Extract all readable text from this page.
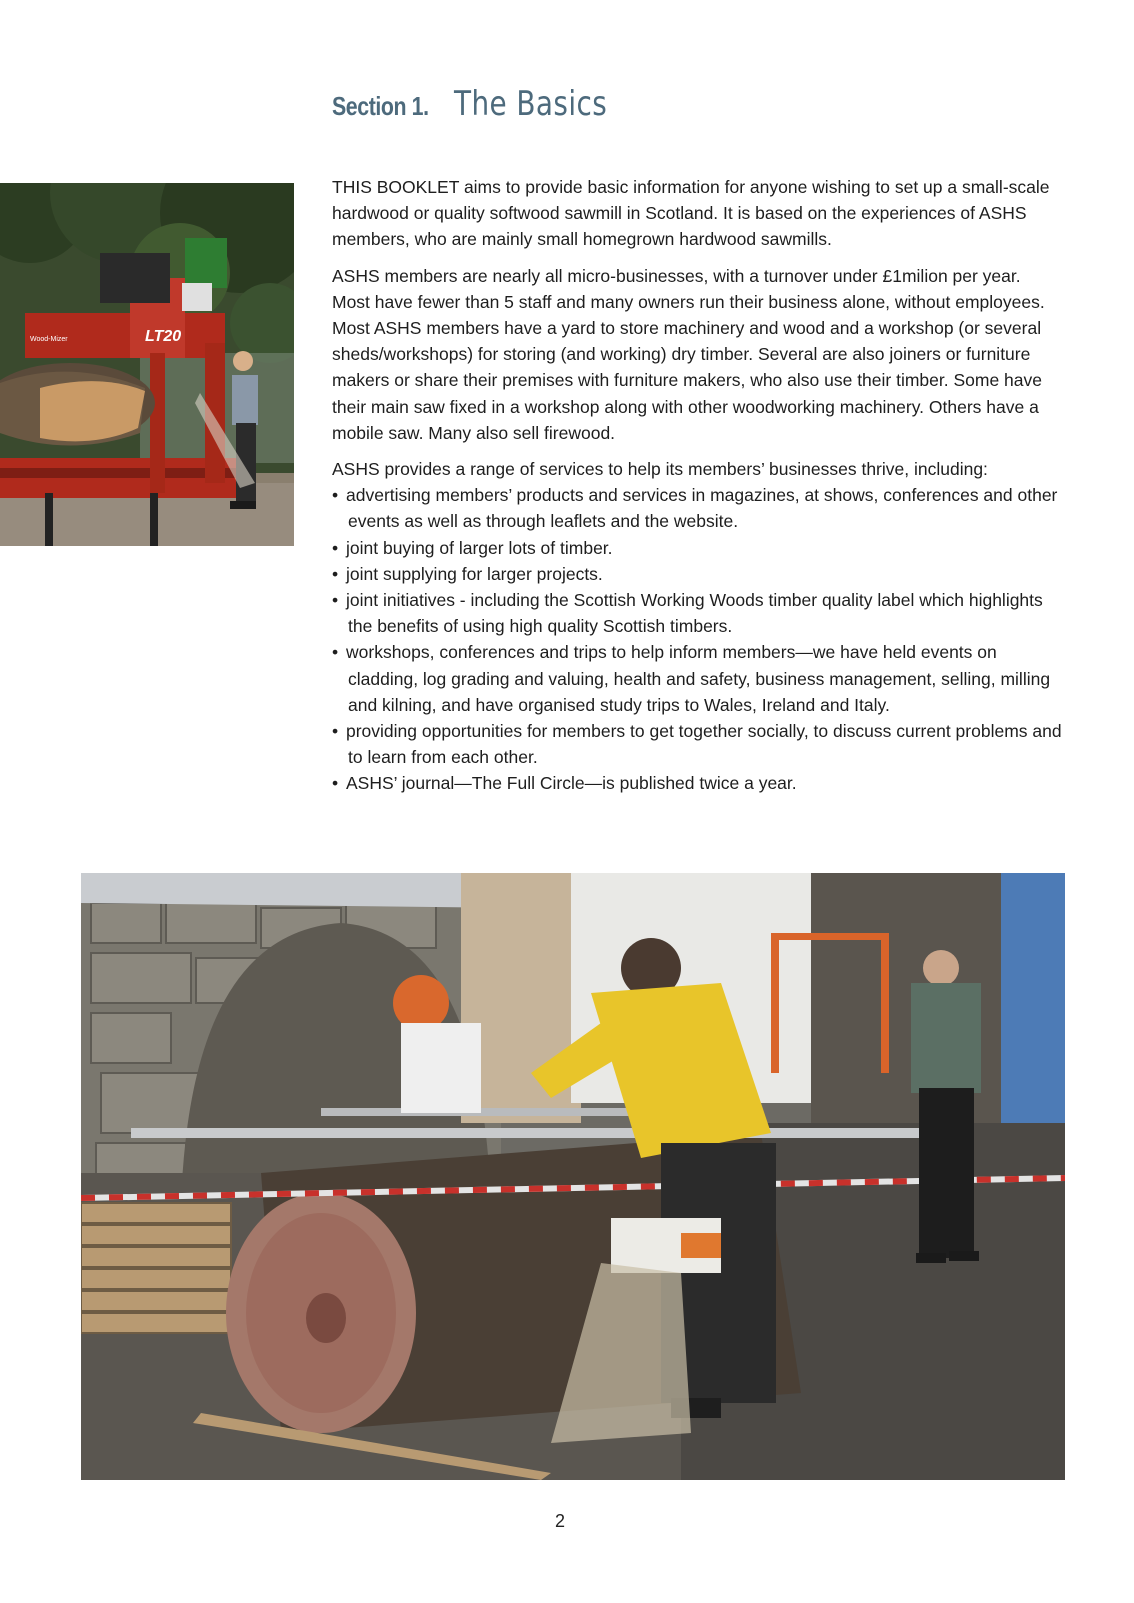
Section 1. The Basics
Wood-Mizer	LT20

THIS BOOKLET aims to provide basic information for anyone wishing to set up a small-scale hardwood or quality softwood sawmill in Scotland. It is based on the experiences of ASHS members, who are mainly small homegrown hardwood sawmills.

ASHS members are nearly all micro-businesses, with a turnover under £1milion per year. Most have fewer than 5 staff and many owners run their business alone, without employees. Most ASHS members have a yard to store machinery and wood and a workshop (or several sheds/workshops) for storing (and working) dry timber. Several are also joiners or furniture makers or share their premises with furniture makers, who also use their timber. Some have their main saw fixed in a workshop along with other woodworking machinery. Others have a mobile saw. Many also sell firewood.

ASHS provides a range of services to help its members’ businesses thrive, including:

• advertising members’ products and services in magazines, at shows, conferences and other events as well as through leaflets and the website.
• joint buying of larger lots of timber.
• joint supplying for larger projects.
• joint initiatives - including the Scottish Working Woods timber quality label which highlights the benefits of using high quality Scottish timbers.
• workshops, conferences and trips to help inform members—we have held events on cladding, log grading and valuing, health and safety, business management, selling, milling and kilning, and have organised study trips to Wales, Ireland and Italy.
• providing opportunities for members to get together socially, to discuss current problems and to learn from each other.
• ASHS’ journal—The Full Circle—is published twice a year.
2
